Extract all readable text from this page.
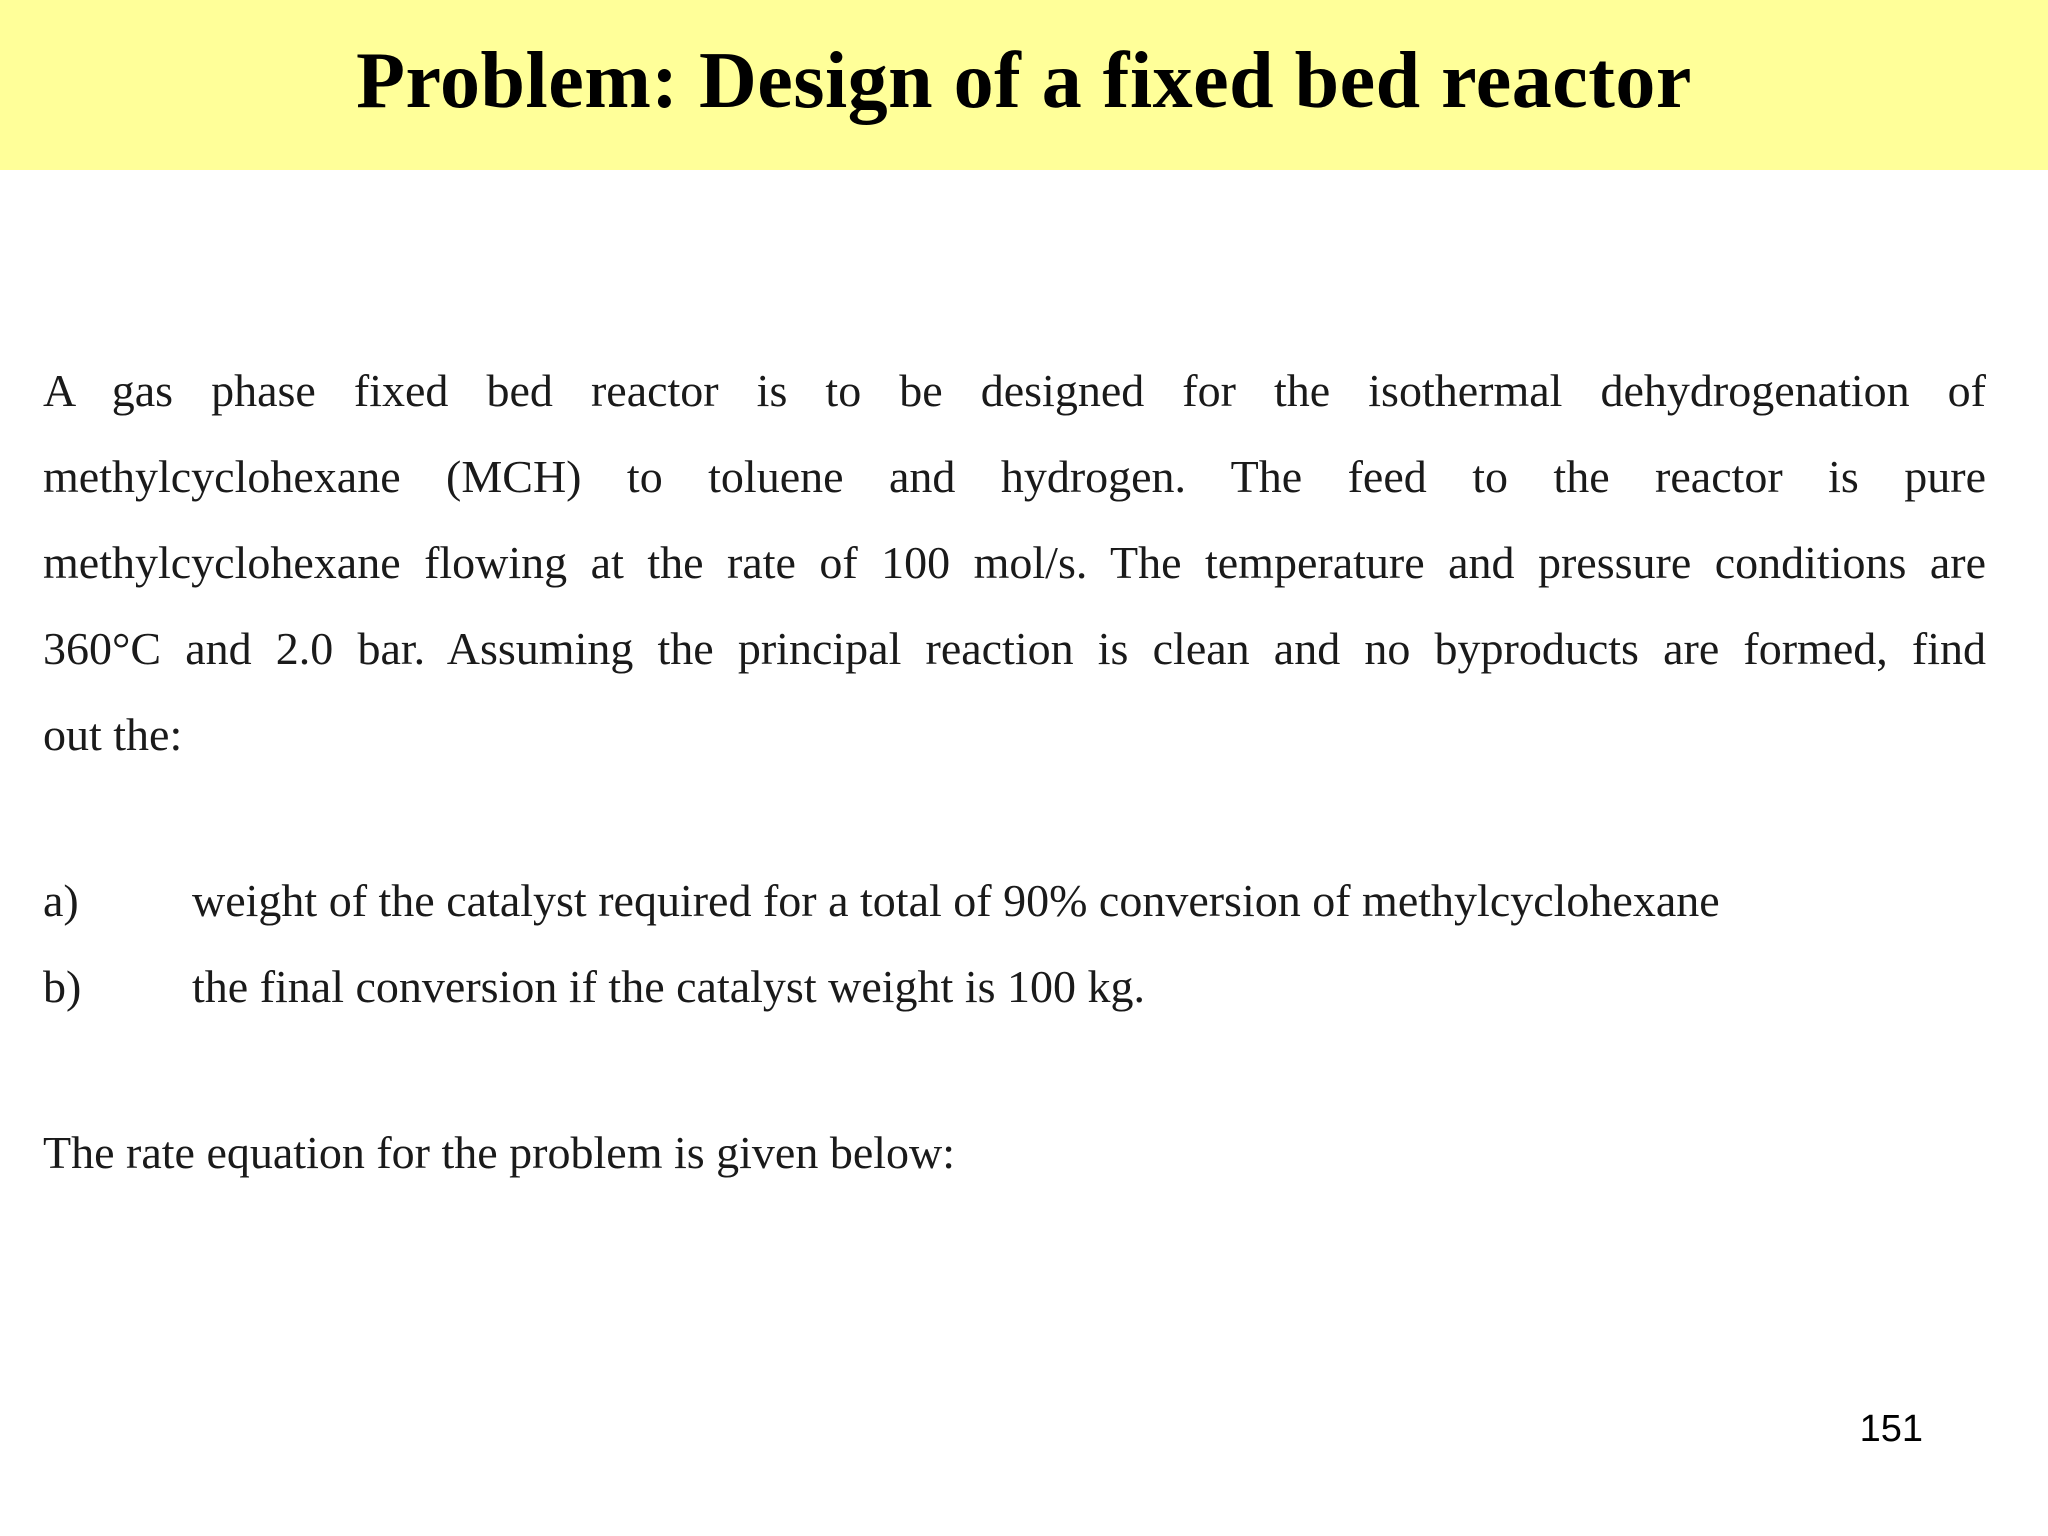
Problem: Design of a fixed bed reactor

A gas phase fixed bed reactor is to be designed for the isothermal dehydrogenation of
methylcyclohexane (MCH) to toluene and hydrogen. The feed to the reactor is pure
methylcyclohexane flowing at the rate of 100 mol/s. The temperature and pressure conditions are
360°C and 2.0 bar. Assuming the principal reaction is clean and no byproducts are formed, find
out the:

a)	weight of the catalyst required for a total of 90% conversion of methylcyclohexane
b)	the final conversion if the catalyst weight is 100 kg.

The rate equation for the problem is given below:

151
